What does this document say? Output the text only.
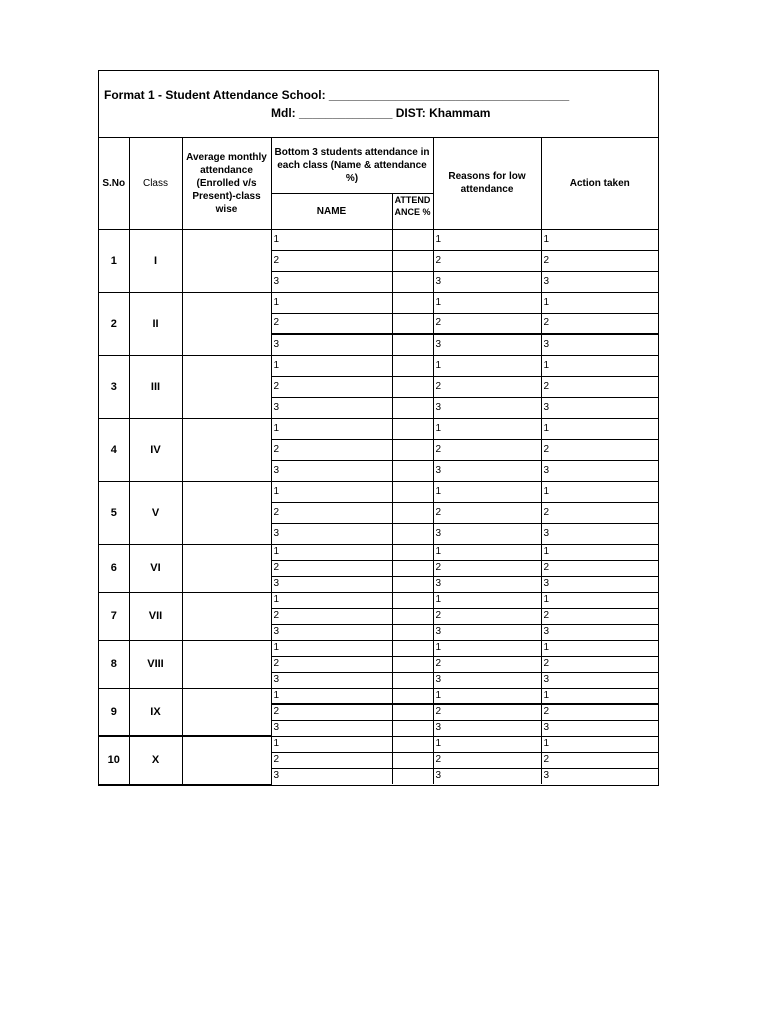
Format 1 - Student Attendance School: ____________________________________
Mdl: ______________ DIST: Khammam
S.No	Class	Average monthly attendance (Enrolled v/s Present)-class wise	Bottom 3 students attendance in each class (Name & attendance %)		Reasons for low attendance	Action taken
			NAME	ATTENDANCE %		
1	I		1		1	1
			2		2	2
			3		3	3
2	II		1		1	1
			2		2	2
			3		3	3
3	III		1		1	1
			2		2	2
			3		3	3
4	IV		1		1	1
			2		2	2
			3		3	3
5	V		1		1	1
			2		2	2
			3		3	3
6	VI		1		1	1
			2		2	2
			3		3	3
7	VII		1		1	1
			2		2	2
			3		3	3
8	VIII		1		1	1
			2		2	2
			3		3	3
9	IX		1		1	1
			2		2	2
			3		3	3
10	X		1		1	1
			2		2	2
			3		3	3
